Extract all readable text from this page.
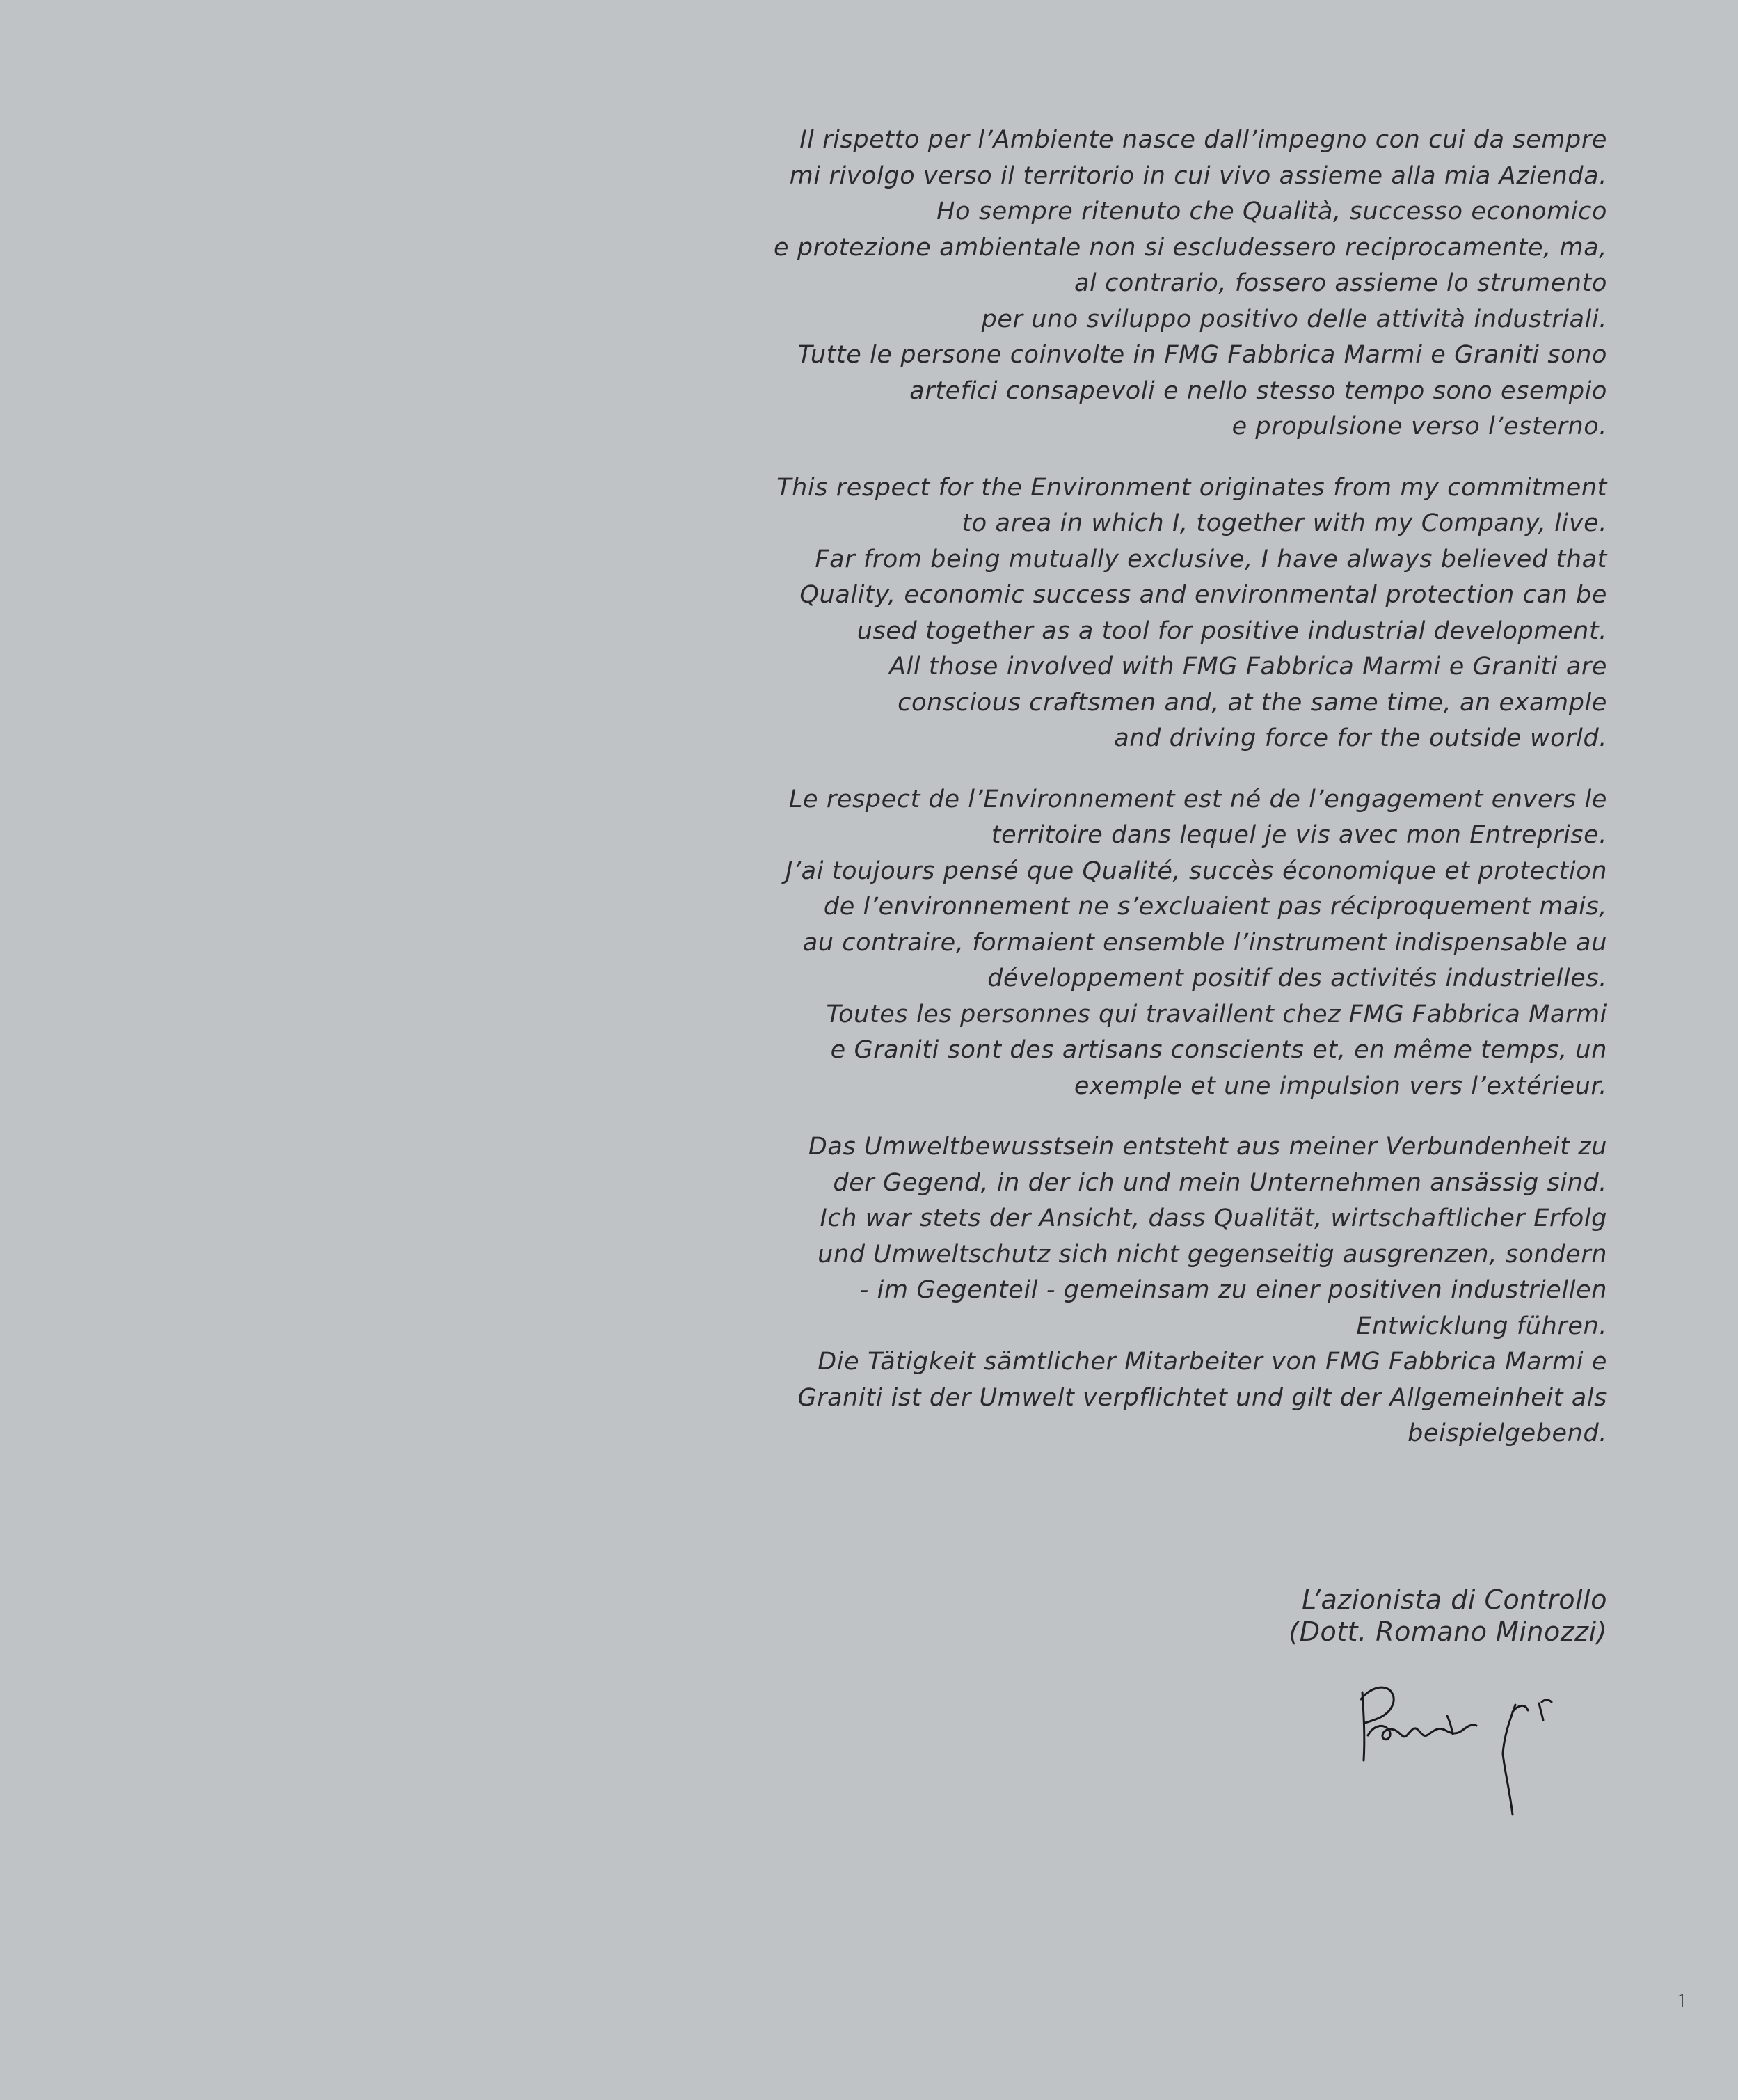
Il rispetto per l’Ambiente nasce dall’impegno con cui da sempre
mi rivolgo verso il territorio in cui vivo assieme alla mia Azienda.
Ho sempre ritenuto che Qualità, successo economico
e protezione ambientale non si escludessero reciprocamente, ma,
al contrario, fossero assieme lo strumento
per uno sviluppo positivo delle attività industriali.
Tutte le persone coinvolte in FMG Fabbrica Marmi e Graniti sono
artefici consapevoli e nello stesso tempo sono esempio
e propulsione verso l’esterno.
This respect for the Environment originates from my commitment
to area in which I, together with my Company, live.
Far from being mutually exclusive, I have always believed that
Quality, economic success and environmental protection can be
used together as a tool for positive industrial development.
All those involved with FMG Fabbrica Marmi e Graniti are
conscious craftsmen and, at the same time, an example
and driving force for the outside world.
Le respect de l’Environnement est né de l’engagement envers le
territoire dans lequel je vis avec mon Entreprise.
J’ai toujours pensé que Qualité, succès économique et protection
de l’environnement ne s’excluaient pas réciproquement mais,
au contraire, formaient ensemble l’instrument indispensable au
développement positif des activités industrielles.
Toutes les personnes qui travaillent chez FMG Fabbrica Marmi
e Graniti sont des artisans conscients et, en même temps, un
exemple et une impulsion vers l’extérieur.
Das Umweltbewusstsein entsteht aus meiner Verbundenheit zu
der Gegend, in der ich und mein Unternehmen ansässig sind.
Ich war stets der Ansicht, dass Qualität, wirtschaftlicher Erfolg
und Umweltschutz sich nicht gegenseitig ausgrenzen, sondern
- im Gegenteil - gemeinsam zu einer positiven industriellen
Entwicklung führen.
Die Tätigkeit sämtlicher Mitarbeiter von FMG Fabbrica Marmi e
Graniti ist der Umwelt verpflichtet und gilt der Allgemeinheit als
beispielgebend.
L’azionista di Controllo
(Dott. Romano Minozzi)
1
